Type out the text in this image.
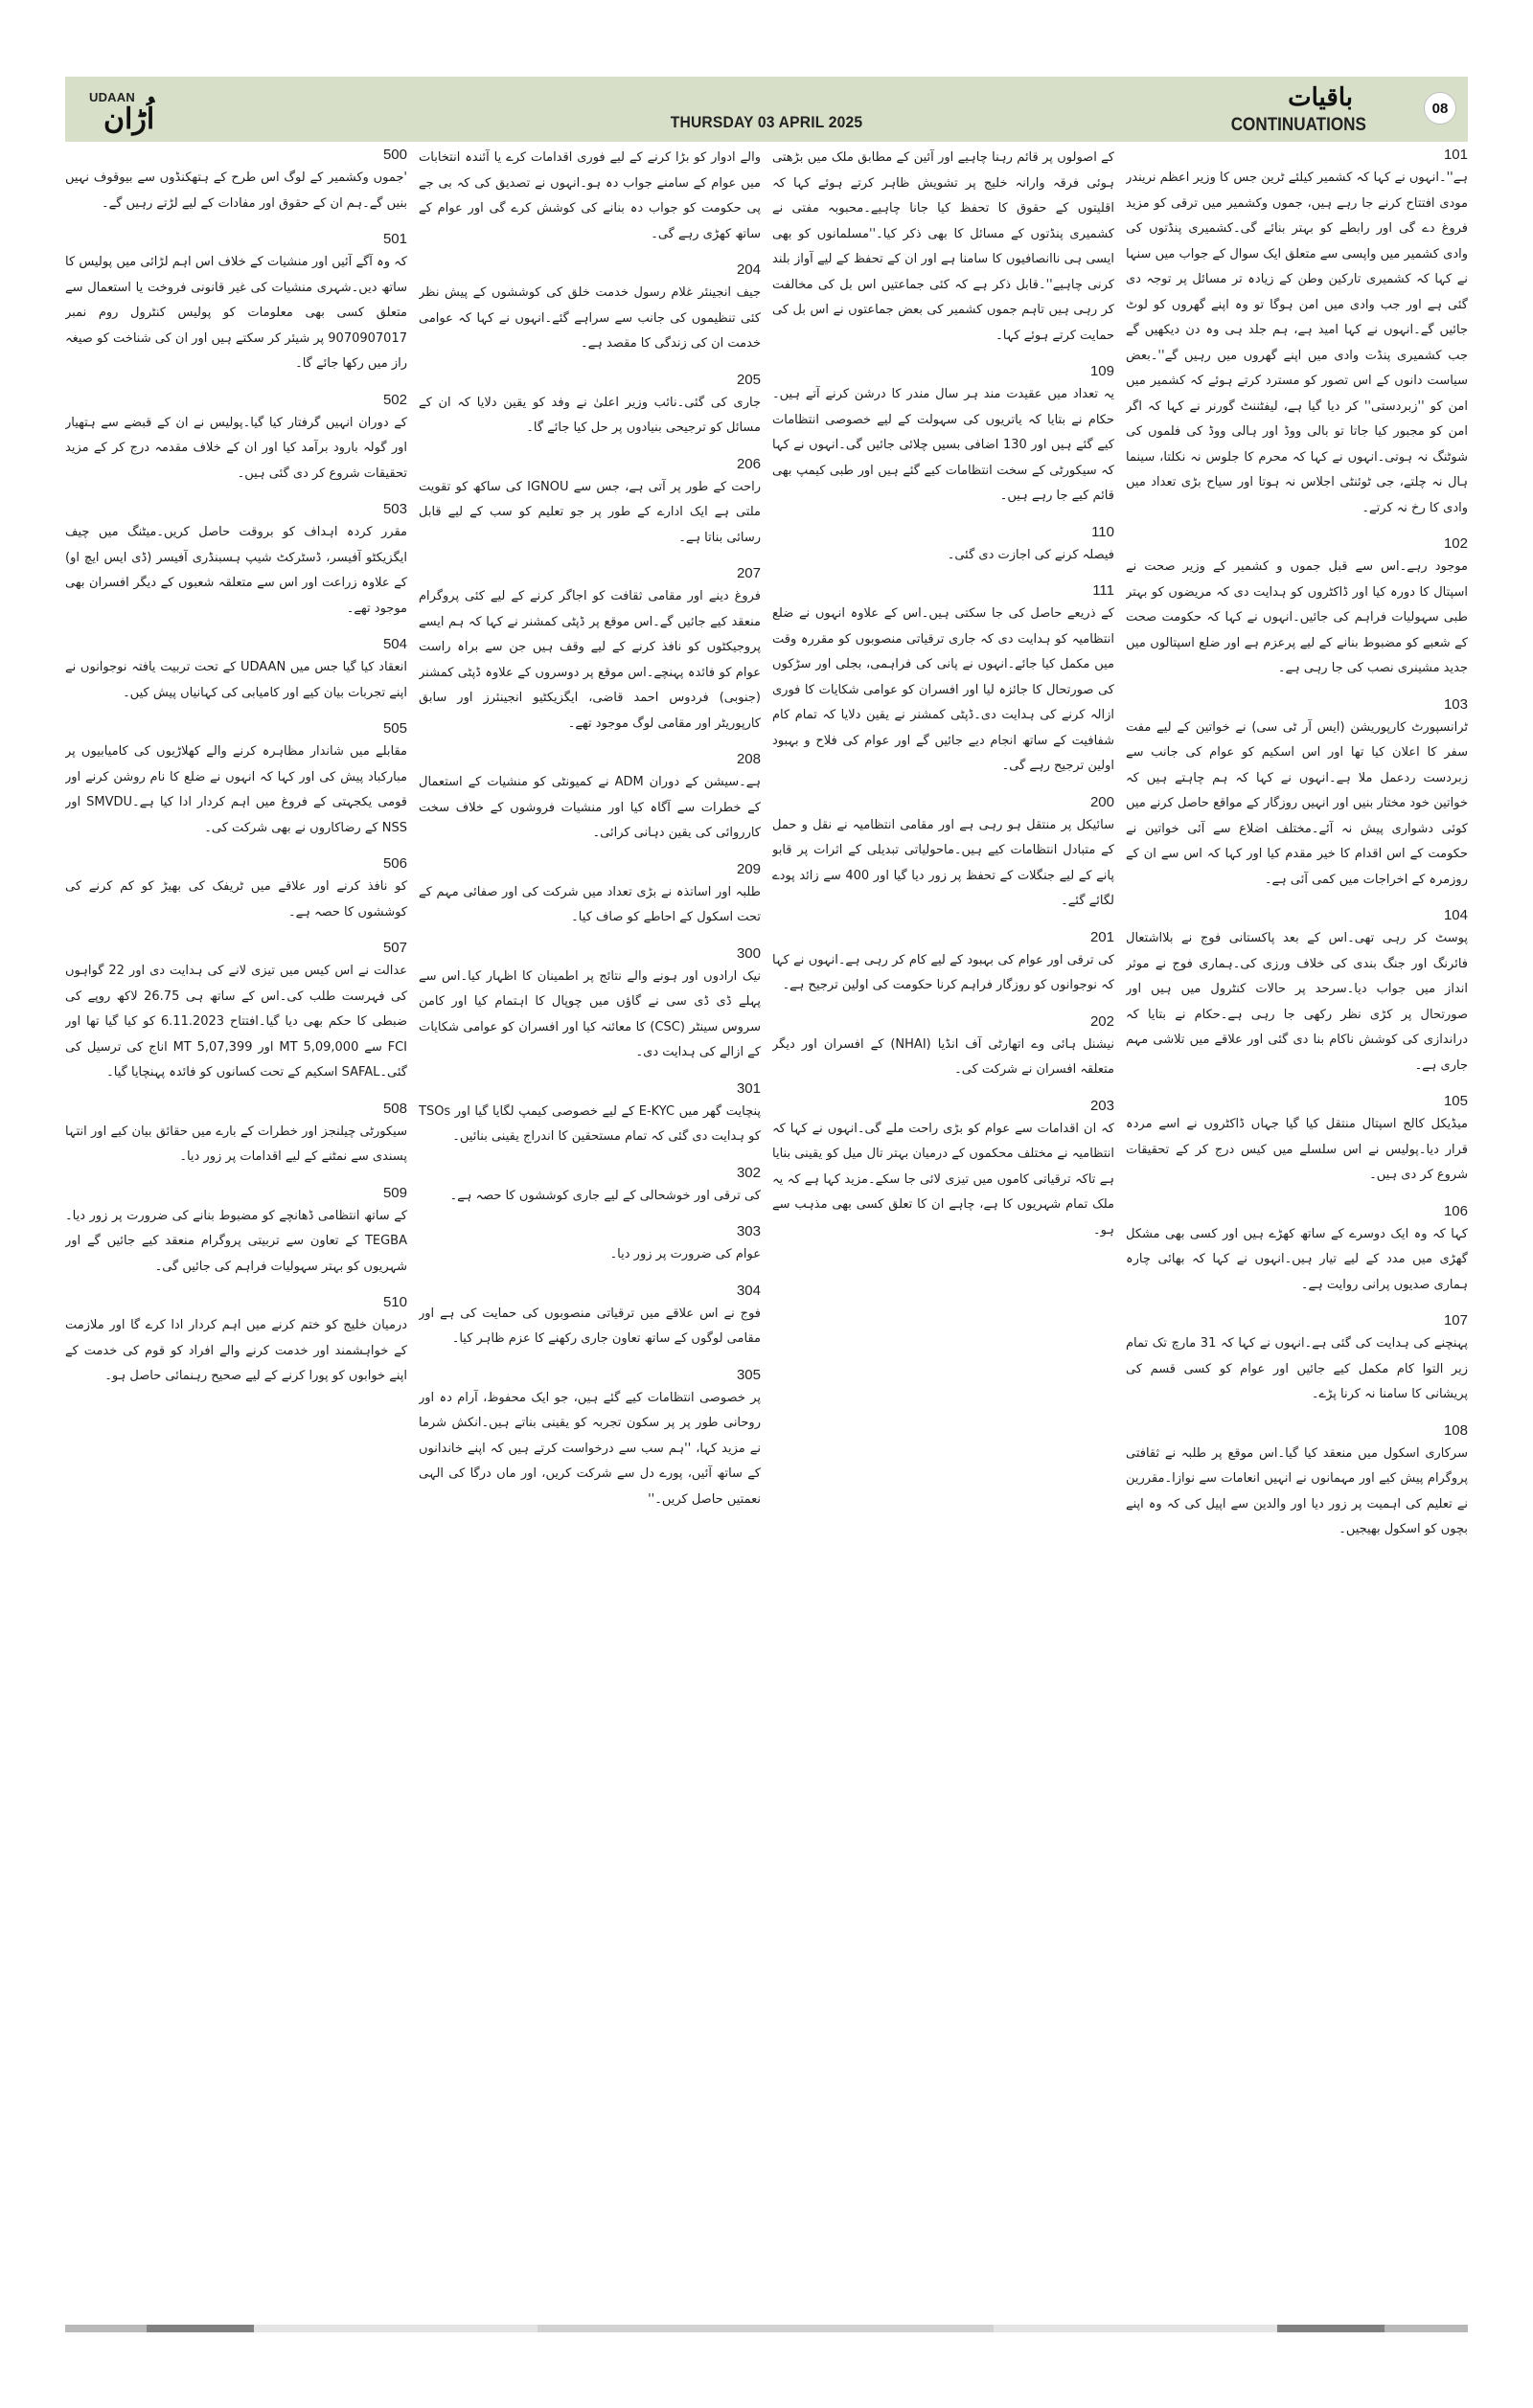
UDAAN
اُڑان	THURSDAY 03 APRIL 2025
باقیات
CONTINUATIONS
08
101
ہے''۔انہوں نے کہا کہ کشمیر کیلئے ٹرین جس کا وزیر اعظم نریندر مودی افتتاح کرنے جا رہے ہیں، جموں وکشمیر میں ترقی کو مزید فروغ دے گی اور رابطے کو بہتر بنائے گی۔کشمیری پنڈتوں کی وادی کشمیر میں واپسی سے متعلق ایک سوال کے جواب میں سنہا نے کہا کہ کشمیری تارکین وطن کے زیادہ تر مسائل پر توجہ دی گئی ہے اور جب وادی میں امن ہوگا تو وہ اپنے گھروں کو لوٹ جائیں گے۔انہوں نے کہا امید ہے، ہم جلد ہی وہ دن دیکھیں گے جب کشمیری پنڈت وادی میں اپنے گھروں میں رہیں گے''۔بعض سیاست دانوں کے اس تصور کو مسترد کرتے ہوئے کہ کشمیر میں امن کو ''زبردستی'' کر دیا گیا ہے، لیفٹننٹ گورنر نے کہا کہ اگر امن کو مجبور کیا جاتا تو بالی ووڈ اور ہالی ووڈ کی فلموں کی شوٹنگ نہ ہوتی۔انہوں نے کہا کہ محرم کا جلوس نہ نکلتا، سینما ہال نہ چلتے، جی ٹوئنٹی اجلاس نہ ہوتا اور سیاح بڑی تعداد میں وادی کا رخ نہ کرتے۔
102
موجود رہے۔اس سے قبل جموں و کشمیر کے وزیر صحت نے اسپتال کا دورہ کیا اور ڈاکٹروں کو ہدایت دی کہ مریضوں کو بہتر طبی سہولیات فراہم کی جائیں۔انہوں نے کہا کہ حکومت صحت کے شعبے کو مضبوط بنانے کے لیے پرعزم ہے اور ضلع اسپتالوں میں جدید مشینری نصب کی جا رہی ہے۔
103
ٹرانسپورٹ کارپوریشن (ایس آر ٹی سی) نے خواتین کے لیے مفت سفر کا اعلان کیا تھا اور اس اسکیم کو عوام کی جانب سے زبردست ردعمل ملا ہے۔انہوں نے کہا کہ ہم چاہتے ہیں کہ خواتین خود مختار بنیں اور انہیں روزگار کے مواقع حاصل کرنے میں کوئی دشواری پیش نہ آئے۔مختلف اضلاع سے آئی خواتین نے حکومت کے اس اقدام کا خیر مقدم کیا اور کہا کہ اس سے ان کے روزمرہ کے اخراجات میں کمی آئی ہے۔
104
پوسٹ کر رہی تھی۔اس کے بعد پاکستانی فوج نے بلااشتعال فائرنگ اور جنگ بندی کی خلاف ورزی کی۔ہماری فوج نے موثر انداز میں جواب دیا۔سرحد پر حالات کنٹرول میں ہیں اور صورتحال پر کڑی نظر رکھی جا رہی ہے۔حکام نے بتایا کہ دراندازی کی کوشش ناکام بنا دی گئی اور علاقے میں تلاشی مہم جاری ہے۔
105
میڈیکل کالج اسپتال منتقل کیا گیا جہاں ڈاکٹروں نے اسے مردہ قرار دیا۔پولیس نے اس سلسلے میں کیس درج کر کے تحقیقات شروع کر دی ہیں۔
106
کہا کہ وہ ایک دوسرے کے ساتھ کھڑے ہیں اور کسی بھی مشکل گھڑی میں مدد کے لیے تیار ہیں۔انہوں نے کہا کہ بھائی چارہ ہماری صدیوں پرانی روایت ہے۔
107
پہنچنے کی ہدایت کی گئی ہے۔انہوں نے کہا کہ 31 مارچ تک تمام زیر التوا کام مکمل کیے جائیں اور عوام کو کسی قسم کی پریشانی کا سامنا نہ کرنا پڑے۔
108
سرکاری اسکول میں منعقد کیا گیا۔اس موقع پر طلبہ نے ثقافتی پروگرام پیش کیے اور مہمانوں نے انہیں انعامات سے نوازا۔مقررین نے تعلیم کی اہمیت پر زور دیا اور والدین سے اپیل کی کہ وہ اپنے بچوں کو اسکول بھیجیں۔
کے اصولوں پر قائم رہنا چاہیے اور آئین کے مطابق ملک میں بڑھتی ہوئی فرقہ وارانہ خلیج پر تشویش ظاہر کرتے ہوئے کہا کہ اقلیتوں کے حقوق کا تحفظ کیا جانا چاہیے۔محبوبہ مفتی نے کشمیری پنڈتوں کے مسائل کا بھی ذکر کیا۔''مسلمانوں کو بھی ایسی ہی ناانصافیوں کا سامنا ہے اور ان کے تحفظ کے لیے آواز بلند کرنی چاہیے''۔قابل ذکر ہے کہ کئی جماعتیں اس بل کی مخالفت کر رہی ہیں تاہم جموں کشمیر کی بعض جماعتوں نے اس بل کی حمایت کرتے ہوئے کہا۔
109
یہ تعداد میں عقیدت مند ہر سال مندر کا درشن کرنے آتے ہیں۔حکام نے بتایا کہ یاتریوں کی سہولت کے لیے خصوصی انتظامات کیے گئے ہیں اور 130 اضافی بسیں چلائی جائیں گی۔انہوں نے کہا کہ سیکورٹی کے سخت انتظامات کیے گئے ہیں اور طبی کیمپ بھی قائم کیے جا رہے ہیں۔
110
فیصلہ کرنے کی اجازت دی گئی۔
111
کے ذریعے حاصل کی جا سکتی ہیں۔اس کے علاوہ انہوں نے ضلع انتظامیہ کو ہدایت دی کہ جاری ترقیاتی منصوبوں کو مقررہ وقت میں مکمل کیا جائے۔انہوں نے پانی کی فراہمی، بجلی اور سڑکوں کی صورتحال کا جائزہ لیا اور افسران کو عوامی شکایات کا فوری ازالہ کرنے کی ہدایت دی۔ڈپٹی کمشنر نے یقین دلایا کہ تمام کام شفافیت کے ساتھ انجام دیے جائیں گے اور عوام کی فلاح و بہبود اولین ترجیح رہے گی۔
200
سائیکل پر منتقل ہو رہی ہے اور مقامی انتظامیہ نے نقل و حمل کے متبادل انتظامات کیے ہیں۔ماحولیاتی تبدیلی کے اثرات پر قابو پانے کے لیے جنگلات کے تحفظ پر زور دیا گیا اور 400 سے زائد پودے لگائے گئے۔
201
کی ترقی اور عوام کی بہبود کے لیے کام کر رہی ہے۔انہوں نے کہا کہ نوجوانوں کو روزگار فراہم کرنا حکومت کی اولین ترجیح ہے۔
202
نیشنل ہائی وے اتھارٹی آف انڈیا (NHAI) کے افسران اور دیگر متعلقہ افسران نے شرکت کی۔
203
کہ ان اقدامات سے عوام کو بڑی راحت ملے گی۔انہوں نے کہا کہ انتظامیہ نے مختلف محکموں کے درمیان بہتر تال میل کو یقینی بنایا ہے تاکہ ترقیاتی کاموں میں تیزی لائی جا سکے۔مزید کہا ہے کہ یہ ملک تمام شہریوں کا ہے، چاہے ان کا تعلق کسی بھی مذہب سے ہو۔
والے ادوار کو بڑا کرنے کے لیے فوری اقدامات کرے یا آئندہ انتخابات میں عوام کے سامنے جواب دہ ہو۔انہوں نے تصدیق کی کہ بی جے پی حکومت کو جواب دہ بنانے کی کوشش کرے گی اور عوام کے ساتھ کھڑی رہے گی۔
204
جیف انجینئر غلام رسول خدمت خلق کی کوششوں کے پیش نظر کئی تنظیموں کی جانب سے سراہے گئے۔انہوں نے کہا کہ عوامی خدمت ان کی زندگی کا مقصد ہے۔
205
جاری کی گئی۔نائب وزیر اعلیٰ نے وفد کو یقین دلایا کہ ان کے مسائل کو ترجیحی بنیادوں پر حل کیا جائے گا۔
206
راحت کے طور پر آتی ہے، جس سے IGNOU کی ساکھ کو تقویت ملتی ہے ایک ادارے کے طور پر جو تعلیم کو سب کے لیے قابل رسائی بناتا ہے۔
207
فروغ دینے اور مقامی ثقافت کو اجاگر کرنے کے لیے کئی پروگرام منعقد کیے جائیں گے۔اس موقع پر ڈپٹی کمشنر نے کہا کہ ہم ایسے پروجیکٹوں کو نافذ کرنے کے لیے وقف ہیں جن سے براہ راست عوام کو فائدہ پہنچے۔اس موقع پر دوسروں کے علاوہ ڈپٹی کمشنر (جنوبی) فردوس احمد قاضی، ایگزیکٹیو انجینئرز اور سابق کارپوریٹر اور مقامی لوگ موجود تھے۔
208
ہے۔سیشن کے دوران ADM نے کمیونٹی کو منشیات کے استعمال کے خطرات سے آگاہ کیا اور منشیات فروشوں کے خلاف سخت کارروائی کی یقین دہانی کرائی۔
209
طلبہ اور اساتذہ نے بڑی تعداد میں شرکت کی اور صفائی مہم کے تحت اسکول کے احاطے کو صاف کیا۔
300
نیک ارادوں اور ہونے والے نتائج پر اطمینان کا اظہار کیا۔اس سے پہلے ڈی ڈی سی نے گاؤں میں چوپال کا اہتمام کیا اور کامن سروس سینٹر (CSC) کا معائنہ کیا اور افسران کو عوامی شکایات کے ازالے کی ہدایت دی۔
301
پنچایت گھر میں E-KYC کے لیے خصوصی کیمپ لگایا گیا اور TSOs کو ہدایت دی گئی کہ تمام مستحقین کا اندراج یقینی بنائیں۔
302
کی ترقی اور خوشحالی کے لیے جاری کوششوں کا حصہ ہے۔
303
عوام کی ضرورت پر زور دیا۔
304
فوج نے اس علاقے میں ترقیاتی منصوبوں کی حمایت کی ہے اور مقامی لوگوں کے ساتھ تعاون جاری رکھنے کا عزم ظاہر کیا۔
305
پر خصوصی انتظامات کیے گئے ہیں، جو ایک محفوظ، آرام دہ اور روحانی طور پر پر سکون تجربہ کو یقینی بناتے ہیں۔انکش شرما نے مزید کہا، ''ہم سب سے درخواست کرتے ہیں کہ اپنے خاندانوں کے ساتھ آئیں، پورے دل سے شرکت کریں، اور ماں درگا کی الہی نعمتیں حاصل کریں۔''
500
'جموں وکشمیر کے لوگ اس طرح کے ہتھکنڈوں سے بیوقوف نہیں بنیں گے۔ہم ان کے حقوق اور مفادات کے لیے لڑتے رہیں گے۔
501
کہ وہ آگے آئیں اور منشیات کے خلاف اس اہم لڑائی میں پولیس کا ساتھ دیں۔شہری منشیات کی غیر قانونی فروخت یا استعمال سے متعلق کسی بھی معلومات کو پولیس کنٹرول روم نمبر 9070907017 پر شیئر کر سکتے ہیں اور ان کی شناخت کو صیغہ راز میں رکھا جائے گا۔
502
کے دوران انہیں گرفتار کیا گیا۔پولیس نے ان کے قبضے سے ہتھیار اور گولہ بارود برآمد کیا اور ان کے خلاف مقدمہ درج کر کے مزید تحقیقات شروع کر دی گئی ہیں۔
503
مقرر کردہ اہداف کو بروقت حاصل کریں۔میٹنگ میں چیف ایگزیکٹو آفیسر، ڈسٹرکٹ شیپ ہسبنڈری آفیسر (ڈی ایس ایچ او) کے علاوہ زراعت اور اس سے متعلقہ شعبوں کے دیگر افسران بھی موجود تھے۔
504
انعقاد کیا گیا جس میں UDAAN کے تحت تربیت یافتہ نوجوانوں نے اپنے تجربات بیان کیے اور کامیابی کی کہانیاں پیش کیں۔
505
مقابلے میں شاندار مظاہرہ کرنے والے کھلاڑیوں کی کامیابیوں پر مبارکباد پیش کی اور کہا کہ انہوں نے ضلع کا نام روشن کرنے اور قومی یکجہتی کے فروغ میں اہم کردار ادا کیا ہے۔SMVDU اور NSS کے رضاکاروں نے بھی شرکت کی۔
506
کو نافذ کرنے اور علاقے میں ٹریفک کی بھیڑ کو کم کرنے کی کوششوں کا حصہ ہے۔
507
عدالت نے اس کیس میں تیزی لانے کی ہدایت دی اور 22 گواہوں کی فہرست طلب کی۔اس کے ساتھ ہی 26.75 لاکھ روپے کی ضبطی کا حکم بھی دیا گیا۔افتتاح 6.11.2023 کو کیا گیا تھا اور FCI سے 5,09,000 MT اور 5,07,399 MT اناج کی ترسیل کی گئی۔SAFAL اسکیم کے تحت کسانوں کو فائدہ پہنچایا گیا۔
508
سیکورٹی چیلنجز اور خطرات کے بارے میں حقائق بیان کیے اور انتہا پسندی سے نمٹنے کے لیے اقدامات پر زور دیا۔
509
کے ساتھ انتظامی ڈھانچے کو مضبوط بنانے کی ضرورت پر زور دیا۔TEGBA کے تعاون سے تربیتی پروگرام منعقد کیے جائیں گے اور شہریوں کو بہتر سہولیات فراہم کی جائیں گی۔
510
درمیان خلیج کو ختم کرنے میں اہم کردار ادا کرے گا اور ملازمت کے خواہشمند اور خدمت کرنے والے افراد کو قوم کی خدمت کے اپنے خوابوں کو پورا کرنے کے لیے صحیح رہنمائی حاصل ہو۔
